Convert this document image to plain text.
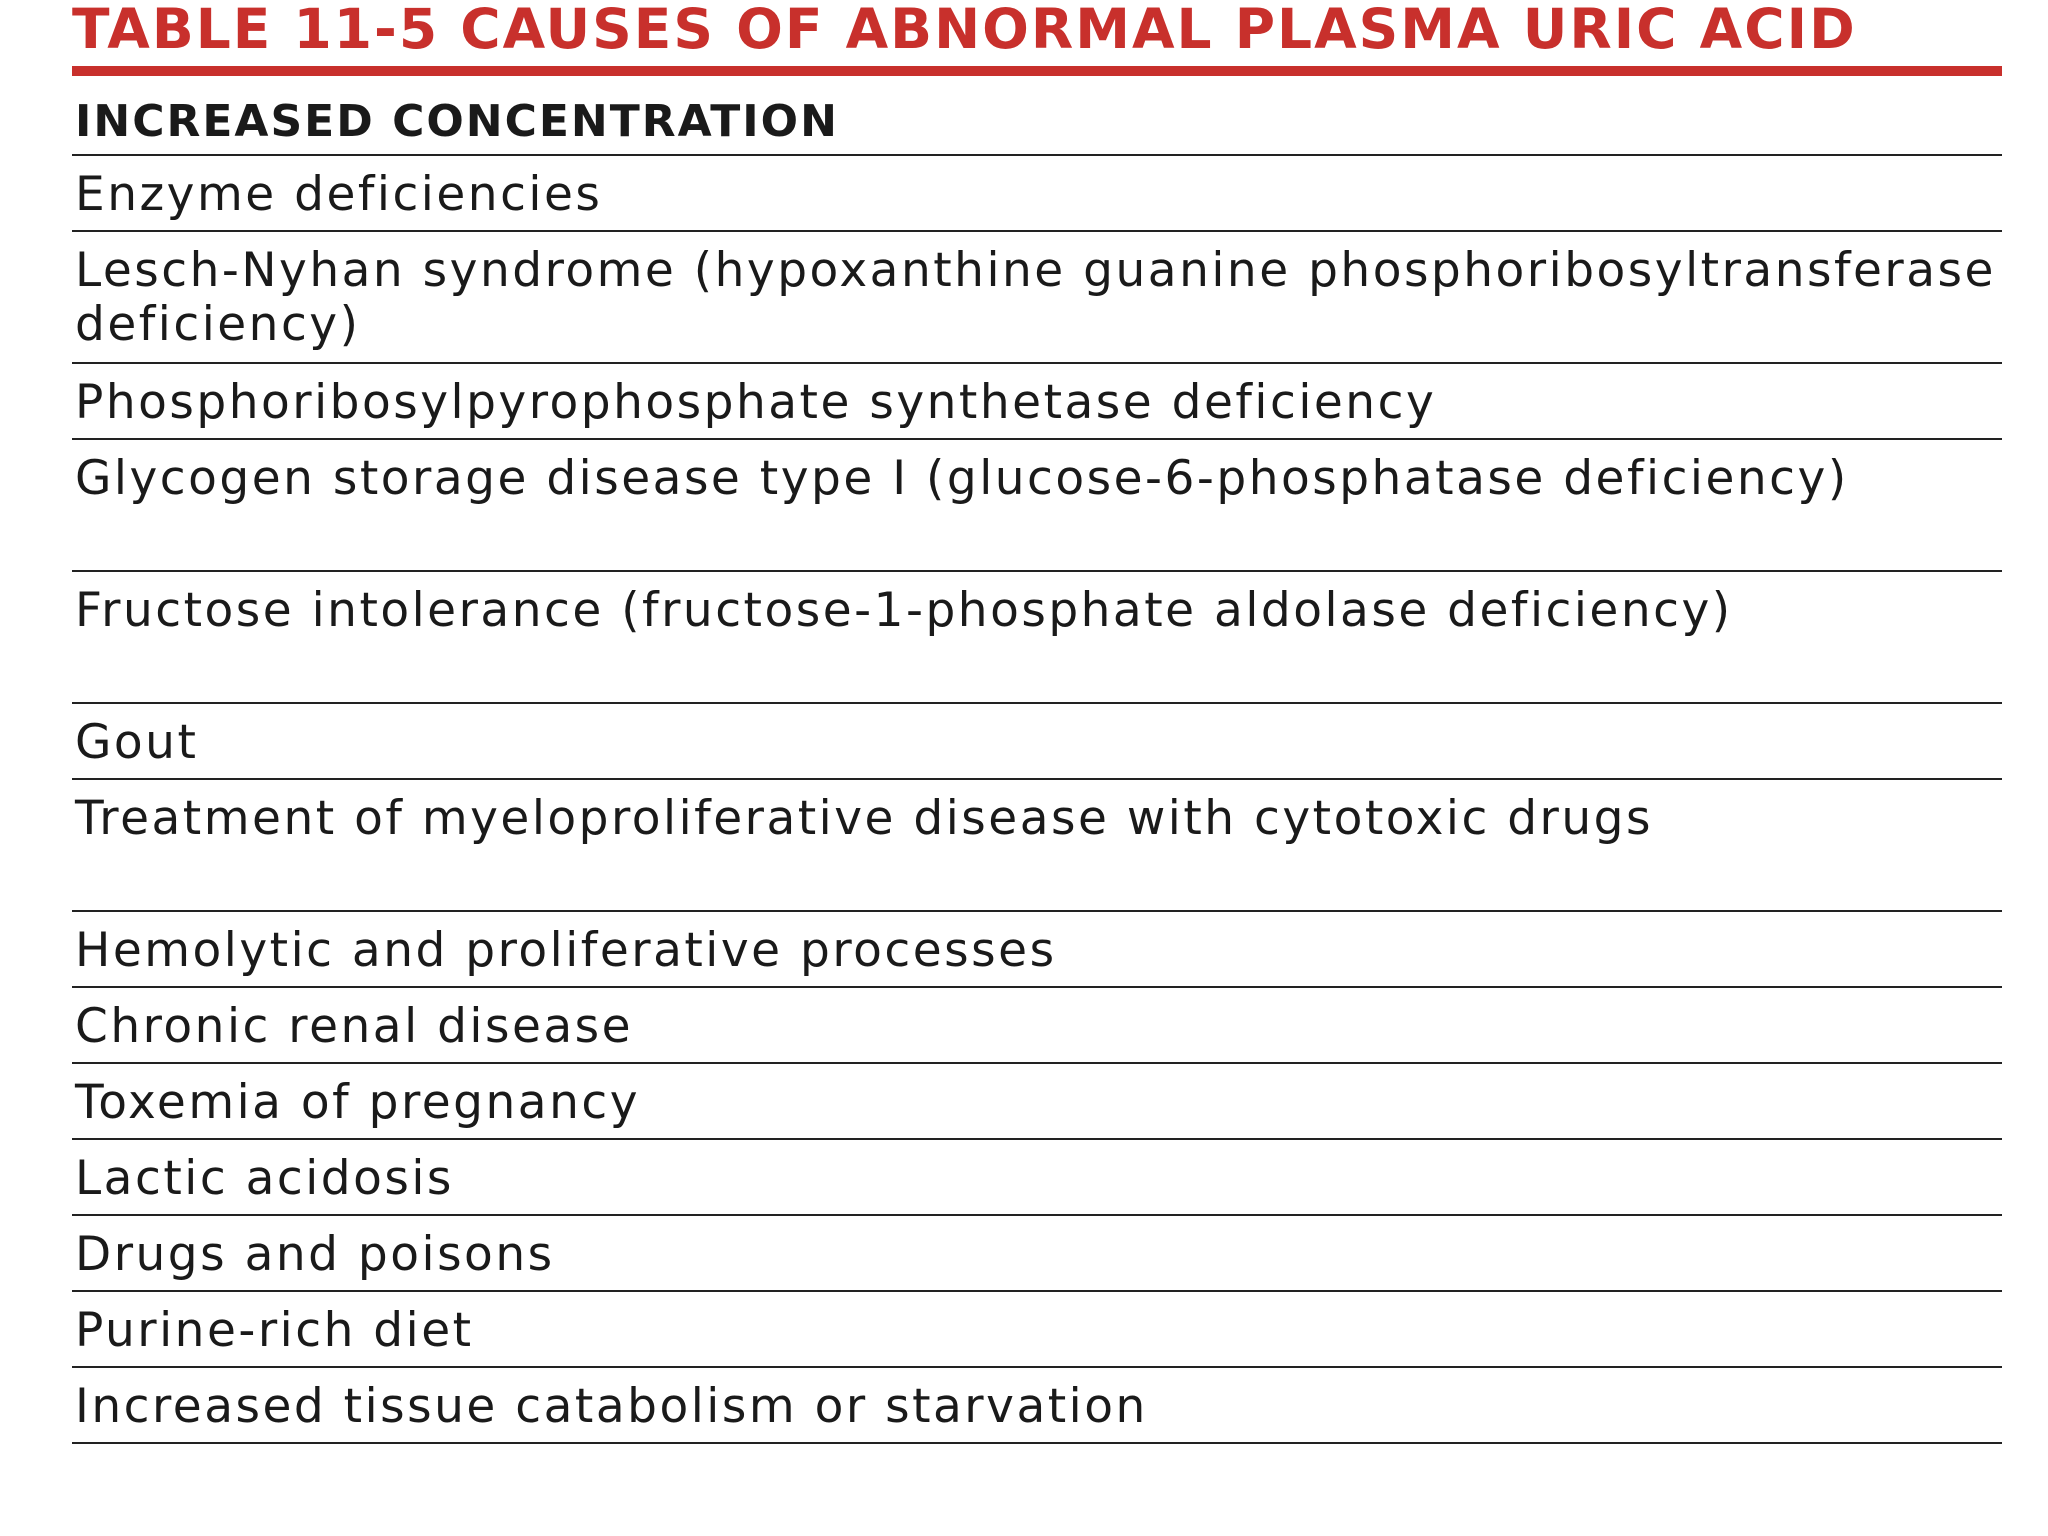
TABLE 11-5 CAUSES OF ABNORMAL PLASMA URIC ACID
INCREASED CONCENTRATION
Enzyme deficiencies
Lesch-Nyhan syndrome (hypoxanthine guanine phosphoribosyltransferase deficiency)
Phosphoribosylpyrophosphate synthetase deficiency
Glycogen storage disease type I (glucose-6-phosphatase deficiency)
Fructose intolerance (fructose-1-phosphate aldolase deficiency)
Gout
Treatment of myeloproliferative disease with cytotoxic drugs
Hemolytic and proliferative processes
Chronic renal disease
Toxemia of pregnancy
Lactic acidosis
Drugs and poisons
Purine-rich diet
Increased tissue catabolism or starvation
